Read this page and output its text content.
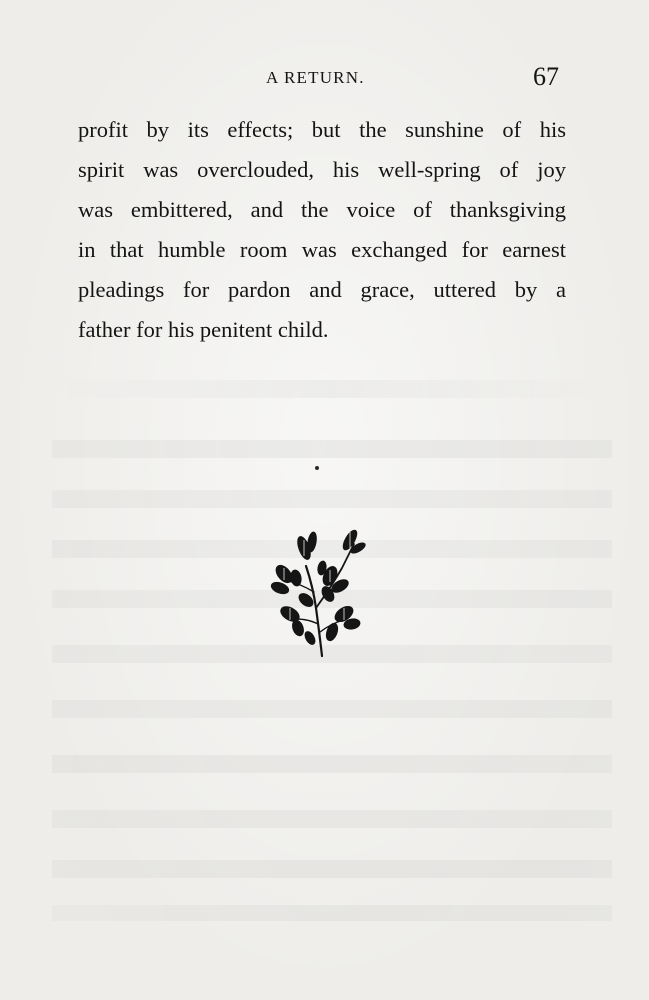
A RETURN.	67
profit by its effects; but the sunshine of his
spirit was overclouded, his well-spring of joy
was embittered, and the voice of thanksgiving
in that humble room was exchanged for earnest
pleadings for pardon and grace, uttered by a
father for his penitent child.
